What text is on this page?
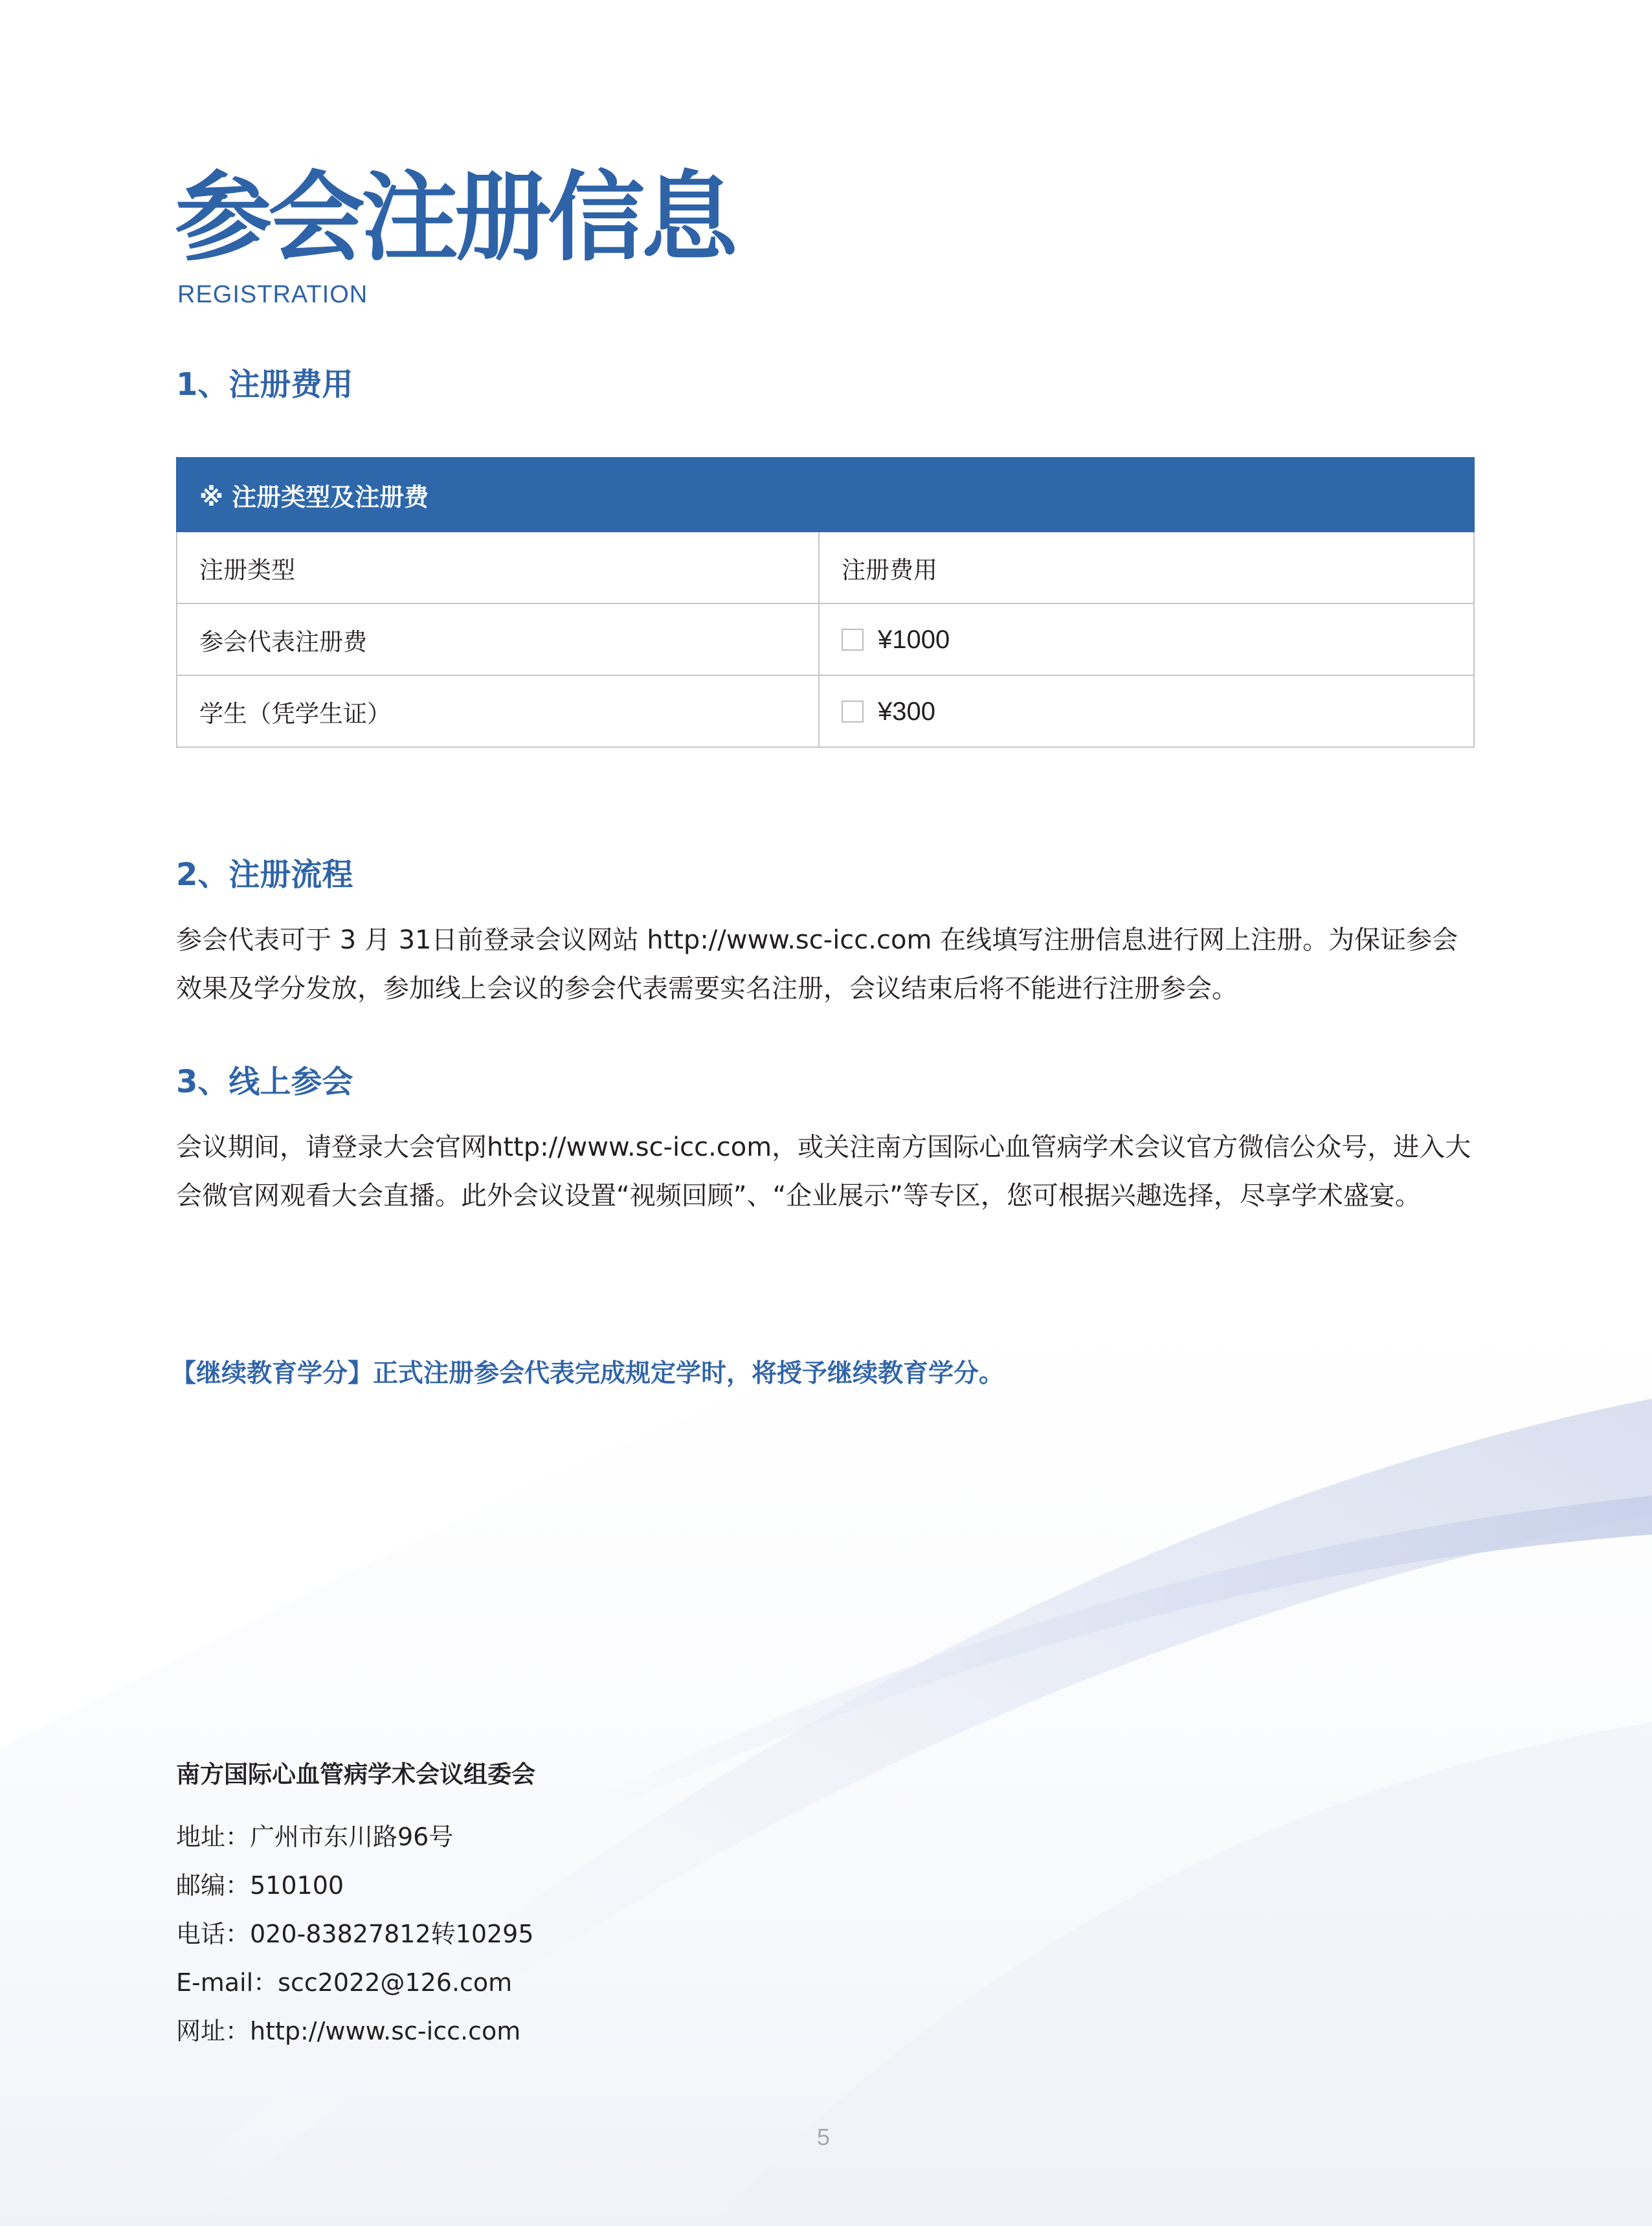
参会注册信息
REGISTRATION
1、注册费用
※ 注册类型及注册费	
注册类型	注册费用
参会代表注册费	¥1000
学生（凭学生证）	¥300
2、注册流程

参会代表可于 3 月 31日前登录会议网站 http://www.sc-icc.com 在线填写注册信息进行网上注册。为保证参会效果及学分发放，参加线上会议的参会代表需要实名注册，会议结束后将不能进行注册参会。

3、线上参会

会议期间，请登录大会官网http://www.sc-icc.com，或关注南方国际心血管病学术会议官方微信公众号，进入大会微官网观看大会直播。此外会议设置“视频回顾”、“企业展示”等专区，您可根据兴趣选择，尽享学术盛宴。

【继续教育学分】正式注册参会代表完成规定学时，将授予继续教育学分。
南方国际心血管病学术会议组委会
地址：广州市东川路96号
邮编：510100
电话：020-83827812转10295
E-mail：scc2022@126.com
网址：http://www.sc-icc.com
5
